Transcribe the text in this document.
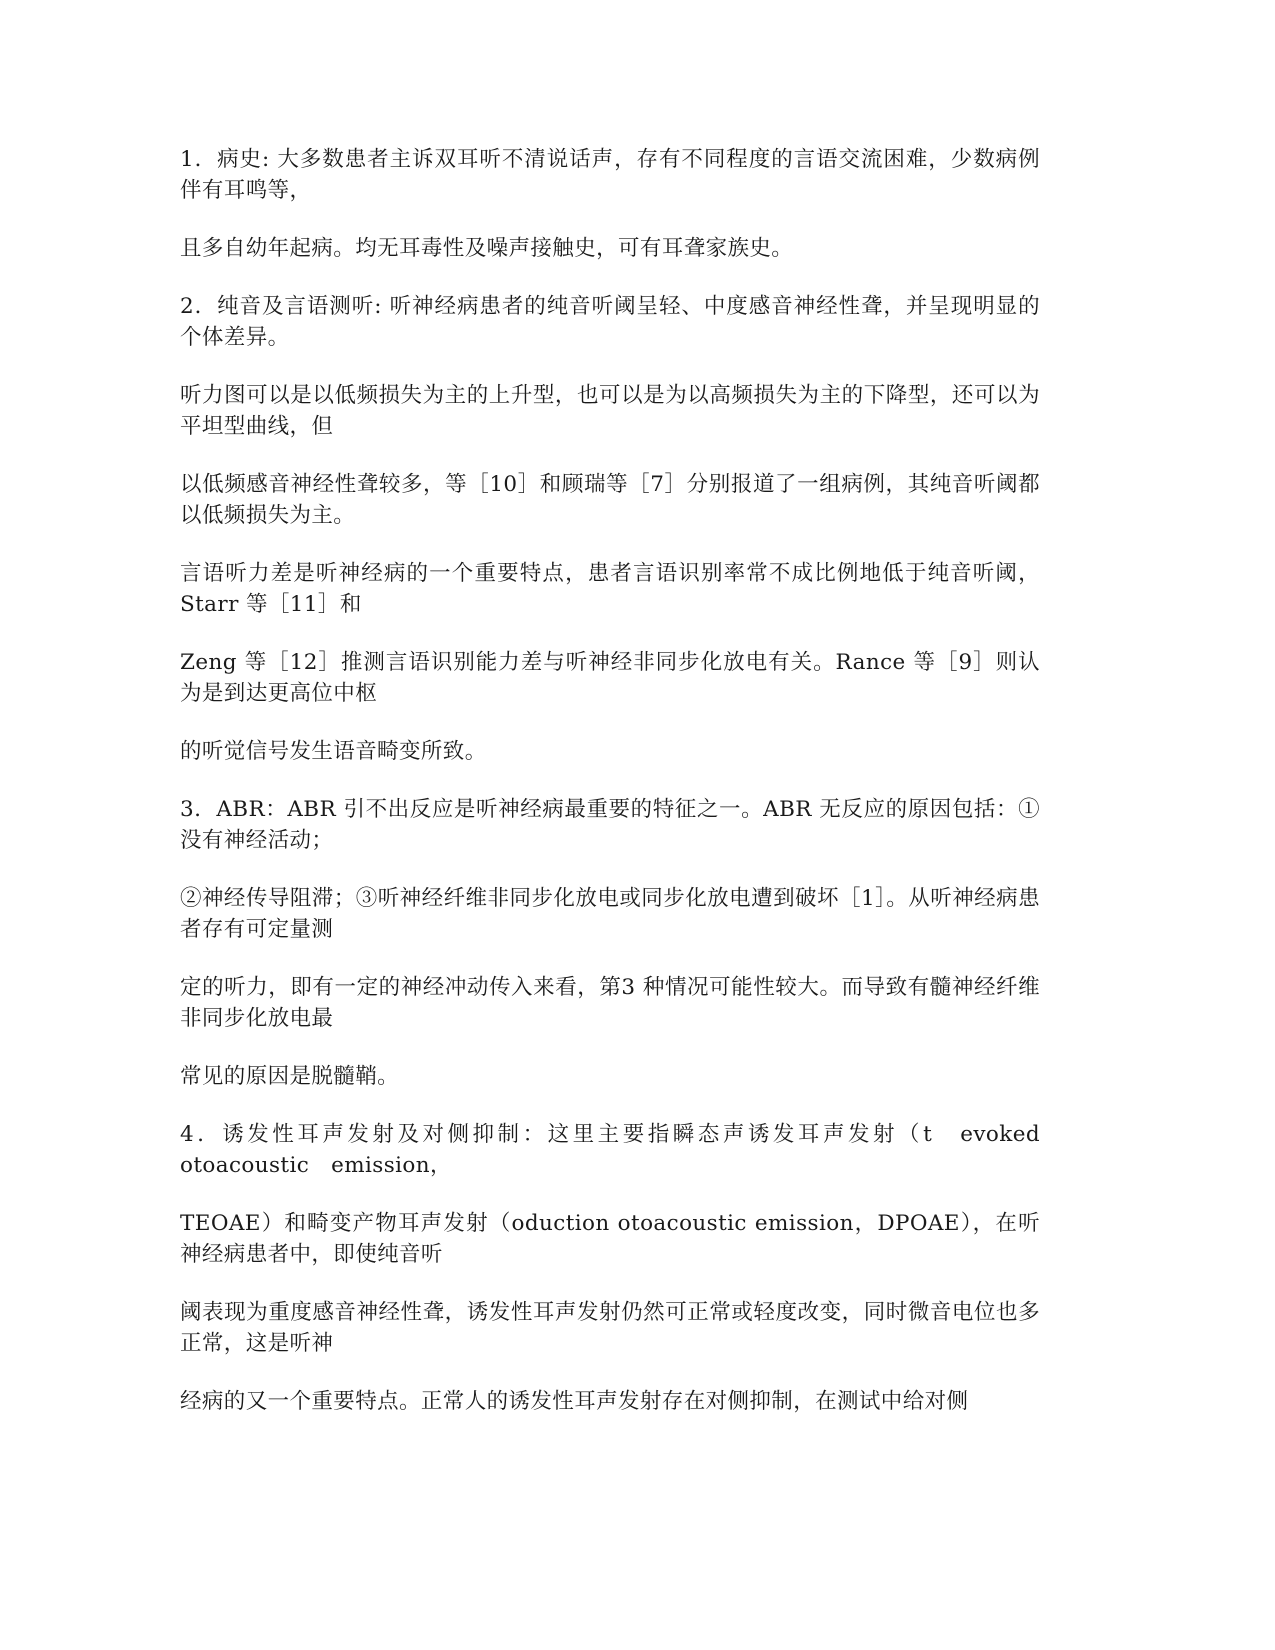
1．病史: 大多数患者主诉双耳听不清说话声，存有不同程度的言语交流困难，少数病例伴有耳鸣等，

且多自幼年起病。均无耳毒性及噪声接触史，可有耳聋家族史。

2．纯音及言语测听: 听神经病患者的纯音听阈呈轻、中度感音神经性聋，并呈现明显的个体差异。

听力图可以是以低频损失为主的上升型，也可以是为以高频损失为主的下降型，还可以为平坦型曲线，但

以低频感音神经性聋较多，等［10］和顾瑞等［7］分别报道了一组病例，其纯音听阈都以低频损失为主。

言语听力差是听神经病的一个重要特点，患者言语识别率常不成比例地低于纯音听阈，Starr 等［11］和

Zeng 等［12］推测言语识别能力差与听神经非同步化放电有关。Rance 等［9］则认为是到达更高位中枢

的听觉信号发生语音畸变所致。

3．ABR：ABR 引不出反应是听神经病最重要的特征之一。ABR 无反应的原因包括：①没有神经活动；

②神经传导阻滞；③听神经纤维非同步化放电或同步化放电遭到破坏［1］。从听神经病患者存有可定量测

定的听力，即有一定的神经冲动传入来看，第3 种情况可能性较大。而导致有髓神经纤维非同步化放电最

常见的原因是脱髓鞘。

4．诱发性耳声发射及对侧抑制：这里主要指瞬态声诱发耳声发射（t　evoked　otoacoustic　emission，

TEOAE）和畸变产物耳声发射（oduction otoacoustic emission，DPOAE），在听神经病患者中，即使纯音听

阈表现为重度感音神经性聋，诱发性耳声发射仍然可正常或轻度改变，同时微音电位也多正常，这是听神

经病的又一个重要特点。正常人的诱发性耳声发射存在对侧抑制，在测试中给对侧
